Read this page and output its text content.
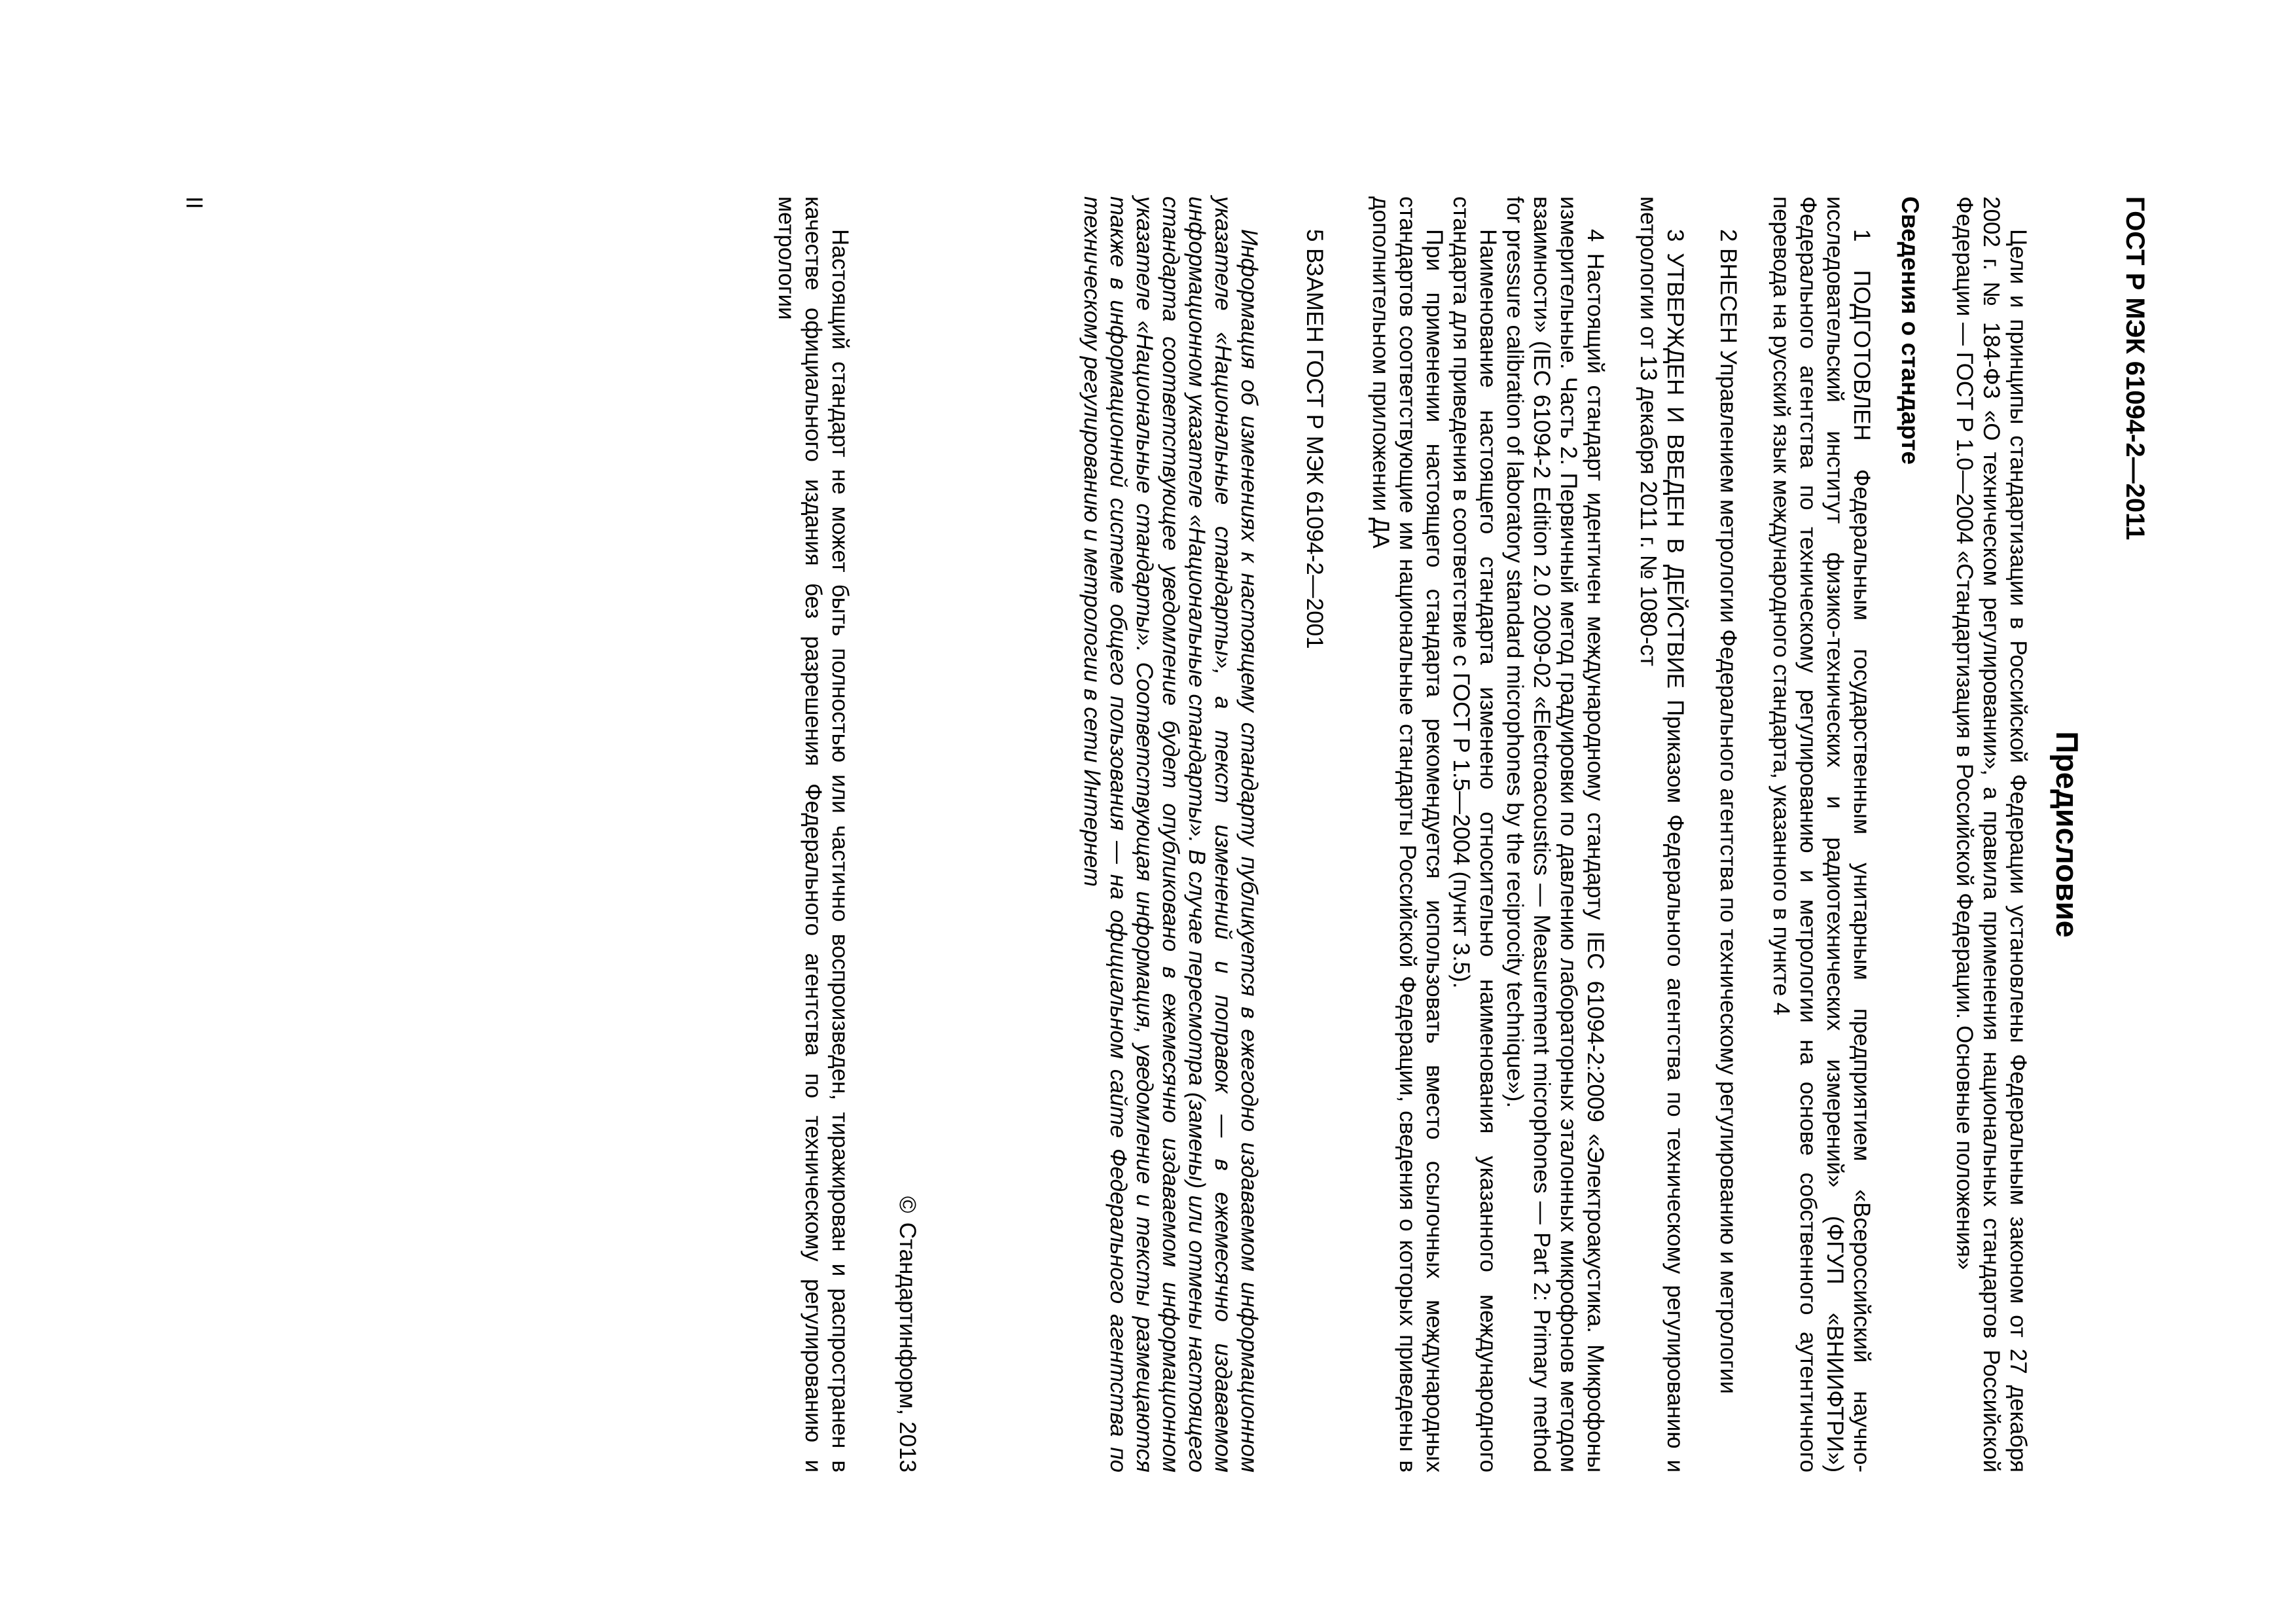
ГОСТ Р МЭК 61094-2—2011
Предисловие

Цели и принципы стандартизации в Российской Федерации установлены Федеральным законом от 27 декабря 2002 г. № 184-ФЗ «О техническом регулировании», а правила применения национальных стандартов Российской Федерации — ГОСТ Р 1.0—2004 «Стандартизация в Российской Федерации. Основные положения»

Сведения о стандарте

1 ПОДГОТОВЛЕН Федеральным государственным унитарным предприятием «Всероссийский научно-исследовательский институт физико-технических и радиотехнических измерений» (ФГУП «ВНИИФТРИ») Федерального агентства по техническому регулированию и метрологии на основе собственного аутентичного перевода на русский язык международного стандарта, указанного в пункте 4

2 ВНЕСЕН Управлением метрологии Федерального агентства по техническому регулированию и метрологии

3 УТВЕРЖДЕН И ВВЕДЕН В ДЕЙСТВИЕ Приказом Федерального агентства по техническому регулированию и метрологии от 13 декабря 2011 г. № 1080-ст

4 Настоящий стандарт идентичен международному стандарту IEC 61094-2:2009 «Электроакустика. Микрофоны измерительные. Часть 2. Первичный метод градуировки по давлению лабораторных эталонных микрофонов методом взаимности» (IEC 61094-2 Edition 2.0 2009-02 «Electroacoustics — Measurement microphones — Part 2: Primary method for pressure calibration of laboratory standard microphones by the reciprocity technique»).

Наименование настоящего стандарта изменено относительно наименования указанного международного стандарта для приведения в соответствие с ГОСТ Р 1.5—2004 (пункт 3.5).

При применении настоящего стандарта рекомендуется использовать вместо ссылочных международных стандартов соответствующие им национальные стандарты Российской Федерации, сведения о которых приведены в дополнительном приложении ДА

5 ВЗАМЕН ГОСТ Р МЭК 61094-2—2001

Информация об изменениях к настоящему стандарту публикуется в ежегодно издаваемом информационном указателе «Национальные стандарты», а текст изменений и поправок — в ежемесячно издаваемом информационном указателе «Национальные стандарты». В случае пересмотра (замены) или отмены настоящего стандарта соответствующее уведомление будет опубликовано в ежемесячно издаваемом информационном указателе «Национальные стандарты». Соответствующая информация, уведомление и тексты размещаются также в информационной системе общего пользования — на официальном сайте Федерального агентства по техническому регулированию и метрологии в сети Интернет

©Стандартинформ, 2013

Настоящий стандарт не может быть полностью или частично воспроизведен, тиражирован и распространен в качестве официального издания без разрешения Федерального агентства по техническому регулированию и метрологии

II
